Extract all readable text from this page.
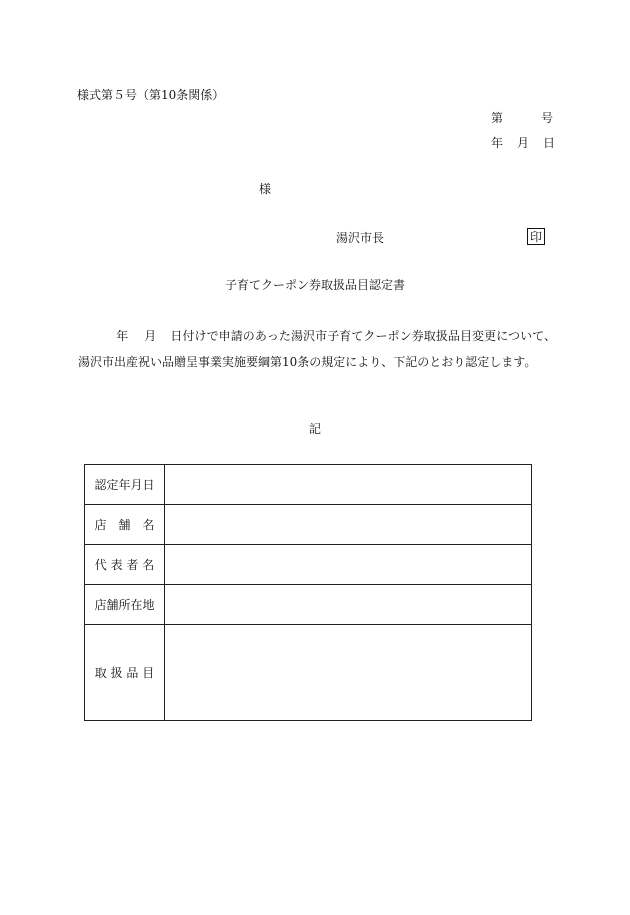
様式第５号（第10条関係）
第	号
年 月 日
様
湯沢市長	印
子育てクーポン券取扱品目認定書
年 月 日付けで申請のあった湯沢市子育てクーポン券取扱品目変更について、湯沢市出産祝い品贈呈事業実施要綱第10条の規定により、下記のとおり認定します。
記
認定年月日	
店　舗　名	
代 表 者 名	
店舗所在地	
取 扱 品 目	
